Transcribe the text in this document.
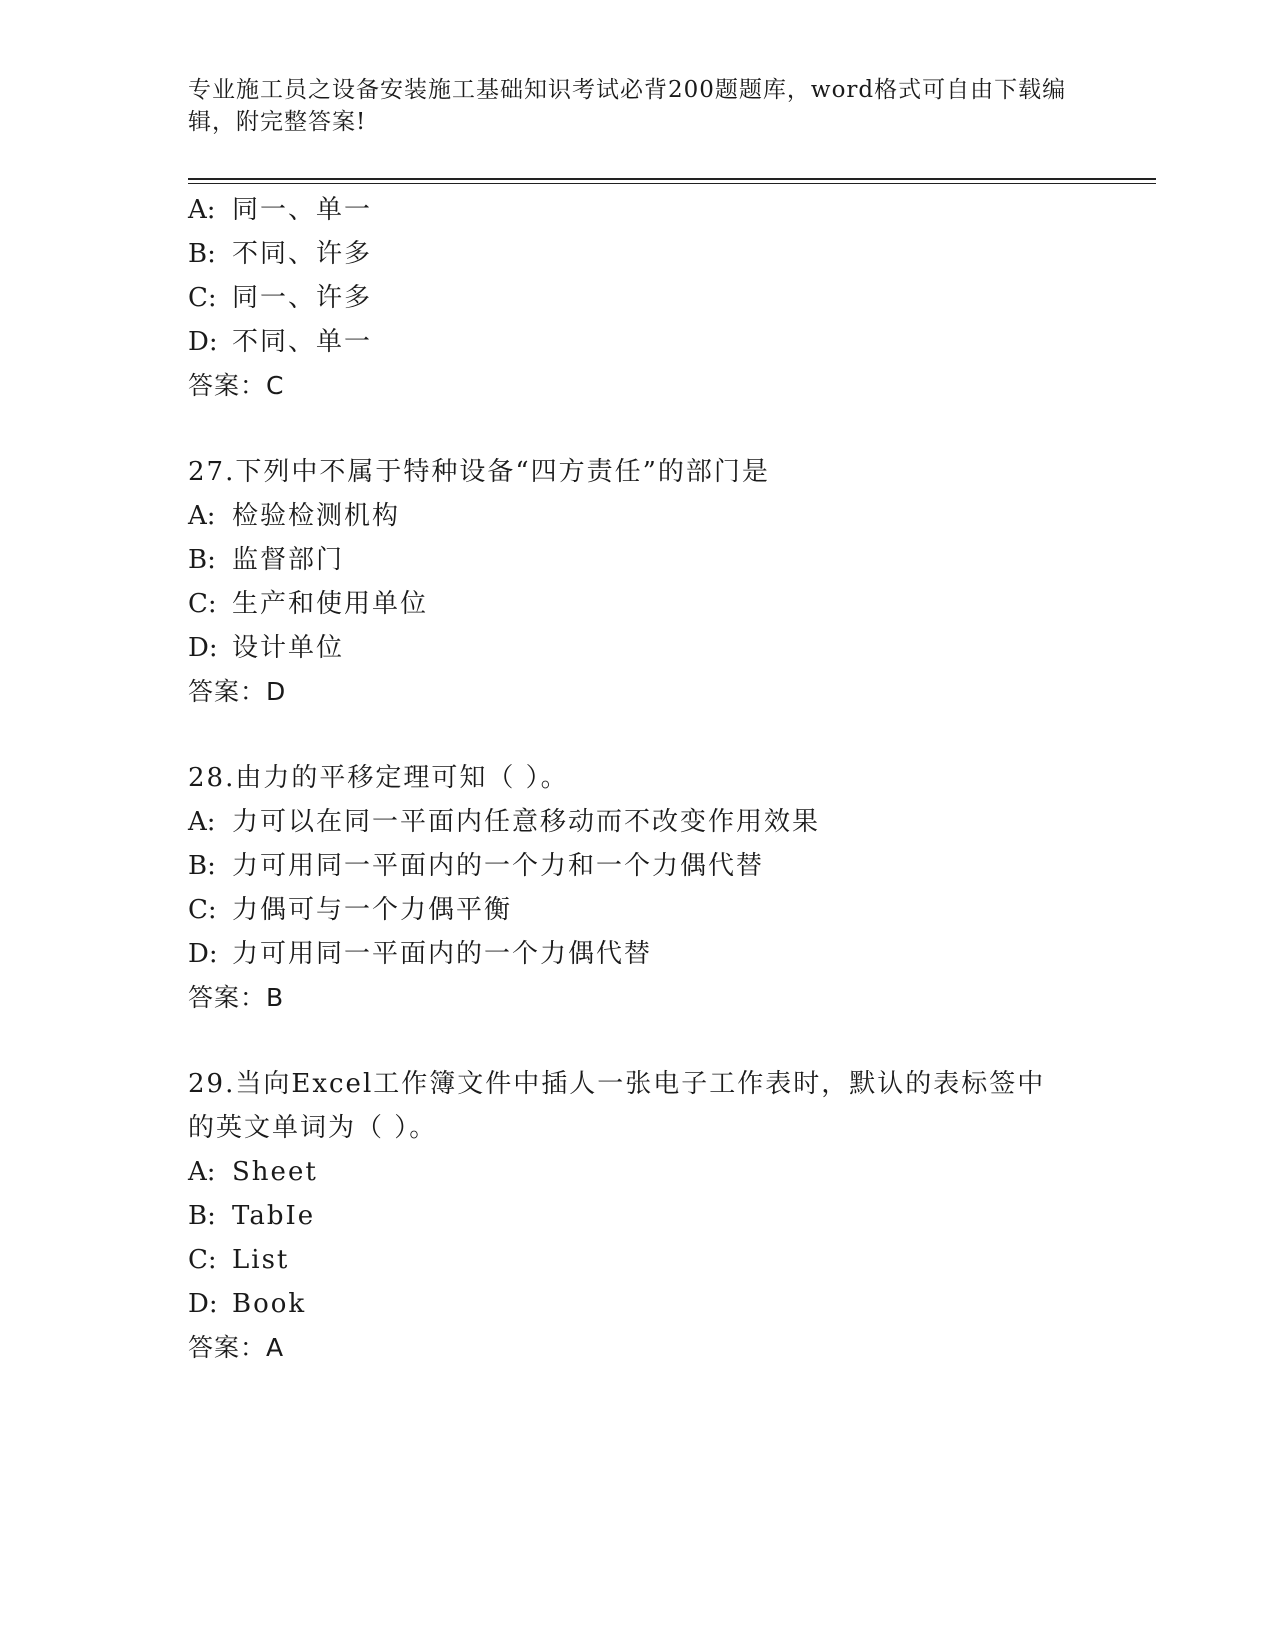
专业施工员之设备安装施工基础知识考试必背200题题库，word格式可自由下载编辑，附完整答案!
A: 同一、单一
B: 不同、许多
C: 同一、许多
D: 不同、单一
答案：C
27.下列中不属于特种设备“四方责任”的部门是
A: 检验检测机构
B: 监督部门
C: 生产和使用单位
D: 设计单位
答案：D
28.由力的平移定理可知（ ）。
A: 力可以在同一平面内任意移动而不改变作用效果
B: 力可用同一平面内的一个力和一个力偶代替
C: 力偶可与一个力偶平衡
D: 力可用同一平面内的一个力偶代替
答案：B
29.当向Excel工作簿文件中插人一张电子工作表时，默认的表标签中
的英文单词为（ ）。
A: Sheet
B: TabIe
C: List
D: Book
答案：A
